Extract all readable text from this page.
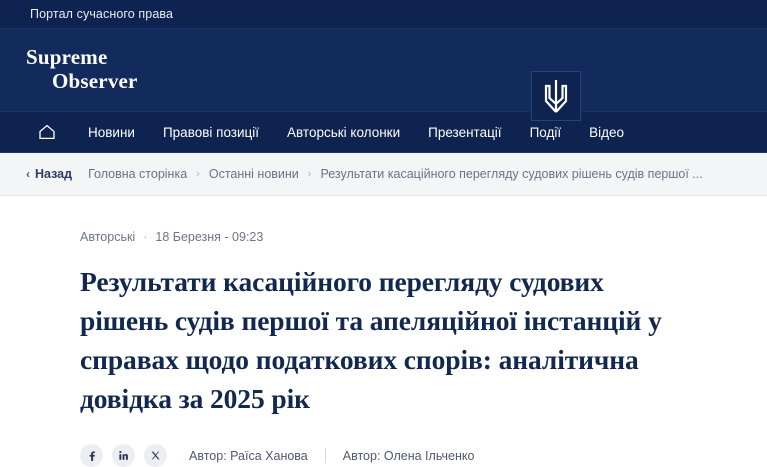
Портал сучасного права
Supreme
Observer
Новини	Правові позиції	Авторські колонки	Презентації	Події	Відео
‹ Назад Головна сторінка › Останні новини › Результати касаційного перегляду судових рішень судів першої ...
Авторські · 18 Березня - 09:23
Результати касаційного перегляду судових рішень судів першої та апеляційної інстанцій у справах щодо податкових спорів: аналітична довідка за 2025 рік
Автор: Раїса Ханова	Автор: Олена Ільченко
